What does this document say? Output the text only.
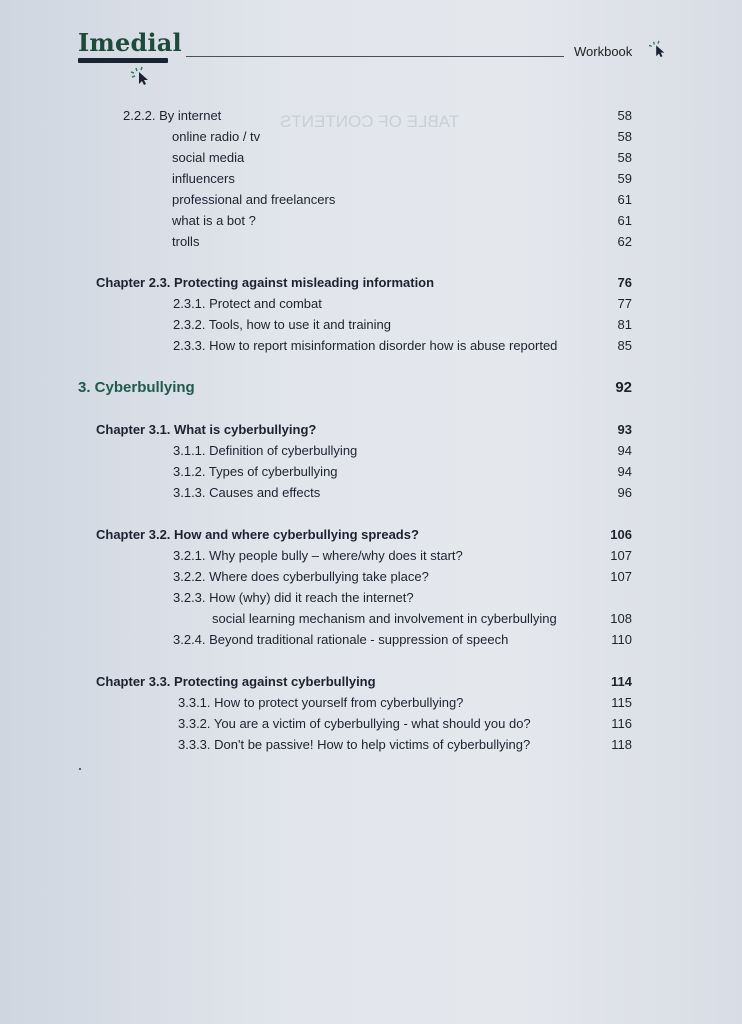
TABLE OF CONTENTS
Imedial	Workbook
2.2.2. By internet	58
online radio / tv	58
social media	58
influencers	59
professional and freelancers	61
what is a bot ?	61
trolls	62
Chapter 2.3. Protecting against misleading information	76
2.3.1. Protect and combat	77
2.3.2. Tools, how to use it and training	81
2.3.3. How to report misinformation disorder how is abuse reported	85
3. Cyberbullying	92
Chapter 3.1. What is cyberbullying?	93
3.1.1. Definition of cyberbullying	94
3.1.2. Types of cyberbullying	94
3.1.3. Causes and effects	96
Chapter 3.2. How and where cyberbullying spreads?	106
3.2.1. Why people bully – where/why does it start?	107
3.2.2. Where does cyberbullying take place?	107
3.2.3. How (why) did it reach the internet?
social learning mechanism and involvement in cyberbullying	108
3.2.4. Beyond traditional rationale - suppression of speech	110
Chapter 3.3. Protecting against cyberbullying	114
3.3.1. How to protect yourself from cyberbullying?	115
3.3.2. You are a victim of cyberbullying - what should you do?	116
3.3.3. Don't be passive! How to help victims of cyberbullying?	118
